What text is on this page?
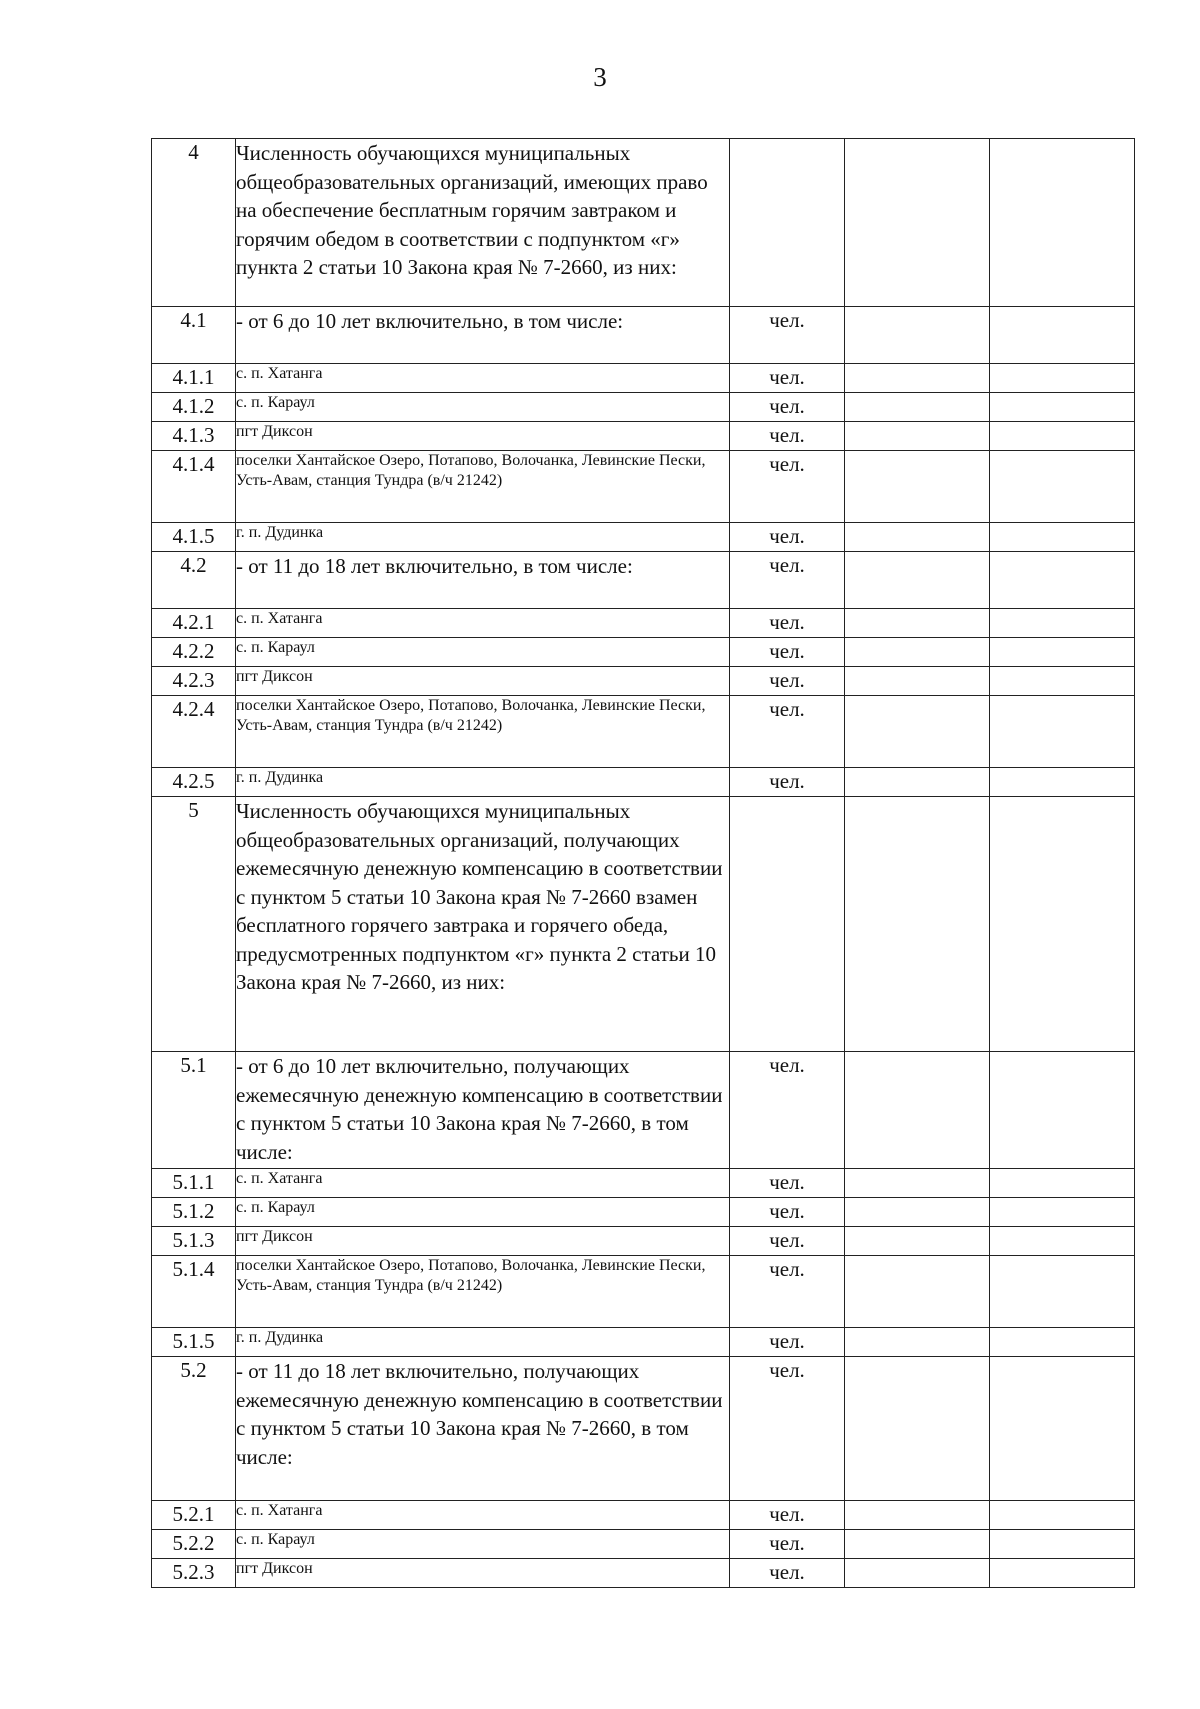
3
4	Численность обучающихся муниципальных общеобразовательных организаций, имеющих право на обеспечение бесплатным горячим завтраком и горячим обедом в соответствии с подпунктом «г» пункта 2 статьи 10 Закона края № 7-2660, из них:			
4.1	- от 6 до 10 лет включительно, в том числе:	чел.		
4.1.1	с. п. Хатанга	чел.		
4.1.2	с. п. Караул	чел.		
4.1.3	пгт Диксон	чел.		
4.1.4	поселки Хантайское Озеро, Потапово, Волочанка, Левинские Пески, Усть-Авам, станция Тундра (в/ч 21242)	чел.		
4.1.5	г. п. Дудинка	чел.		
4.2	- от 11 до 18 лет включительно, в том числе:	чел.		
4.2.1	с. п. Хатанга	чел.		
4.2.2	с. п. Караул	чел.		
4.2.3	пгт Диксон	чел.		
4.2.4	поселки Хантайское Озеро, Потапово, Волочанка, Левинские Пески, Усть-Авам, станция Тундра (в/ч 21242)	чел.		
4.2.5	г. п. Дудинка	чел.		
5	Численность обучающихся муниципальных общеобразовательных организаций, получающих ежемесячную денежную компенсацию в соответствии с пунктом 5 статьи 10 Закона края № 7-2660 взамен бесплатного горячего завтрака и горячего обеда, предусмотренных подпунктом «г» пункта 2 статьи 10 Закона края № 7-2660, из них:			
5.1	- от 6 до 10 лет включительно, получающих ежемесячную денежную компенсацию в соответствии с пунктом 5 статьи 10 Закона края № 7-2660, в том числе:	чел.		
5.1.1	с. п. Хатанга	чел.		
5.1.2	с. п. Караул	чел.		
5.1.3	пгт Диксон	чел.		
5.1.4	поселки Хантайское Озеро, Потапово, Волочанка, Левинские Пески, Усть-Авам, станция Тундра (в/ч 21242)	чел.		
5.1.5	г. п. Дудинка	чел.		
5.2	- от 11 до 18 лет включительно, получающих ежемесячную денежную компенсацию в соответствии с пунктом 5 статьи 10 Закона края № 7-2660, в том числе:	чел.		
5.2.1	с. п. Хатанга	чел.		
5.2.2	с. п. Караул	чел.		
5.2.3	пгт Диксон	чел.		
